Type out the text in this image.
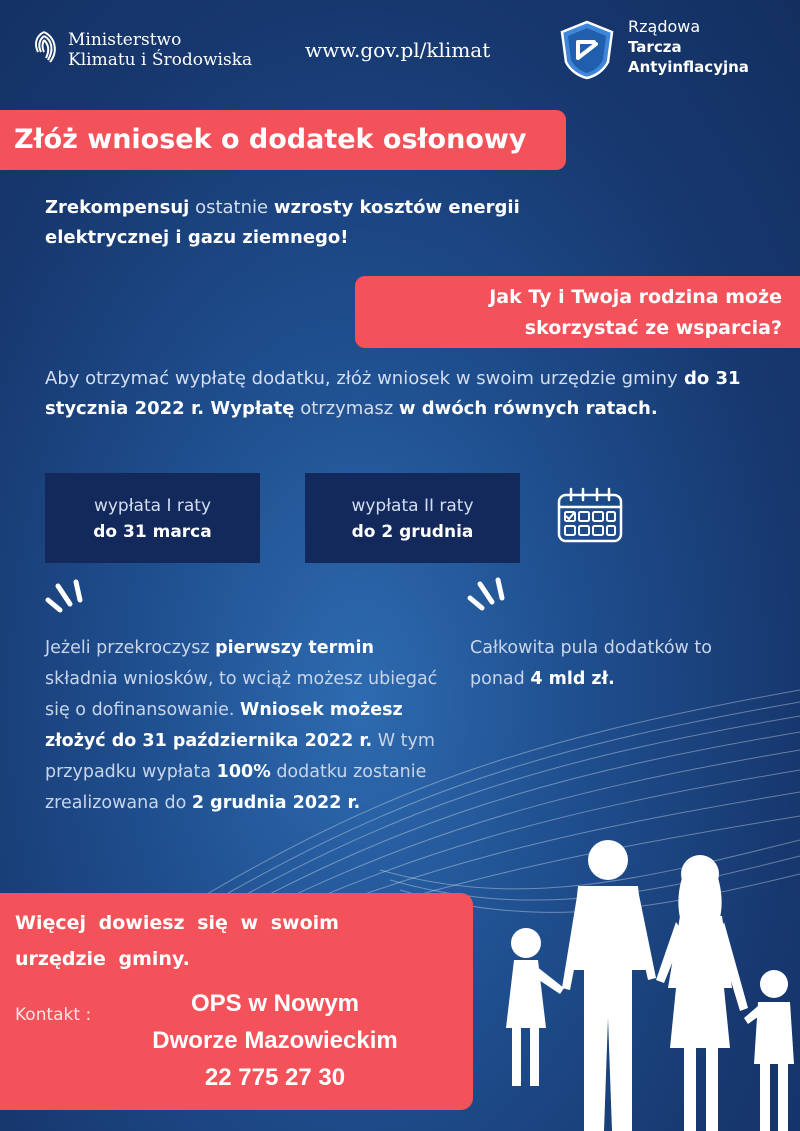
Ministerstwo
Klimatu i Środowiska	www.gov.pl/klimat
Rządowa
Tarcza
Antyinflacyjna
Złóż wniosek o dodatek osłonowy
Zrekompensuj ostatnie wzrosty kosztów energii elektrycznej i gazu ziemnego!
Jak Ty i Twoja rodzina może
skorzystać ze wsparcia?
Aby otrzymać wypłatę dodatku, złóż wniosek w swoim urzędzie gminy do 31 stycznia 2022 r. Wypłatę otrzymasz w dwóch równych ratach.
wypłata I raty
do 31 marca
wypłata II raty
do 2 grudnia
Jeżeli przekroczysz pierwszy termin składnia wniosków, to wciąż możesz ubiegać się o dofinansowanie. Wniosek możesz złożyć do 31 października 2022 r. W tym przypadku wypłata 100% dodatku zostanie zrealizowana do 2 grudnia 2022 r.
Całkowita pula dodatków to ponad 4 mld zł.
Więcej dowiesz się w swoim urzędzie gminy.
Kontakt :	OPS w Nowym
Dworze Mazowieckim
22 775 27 30
